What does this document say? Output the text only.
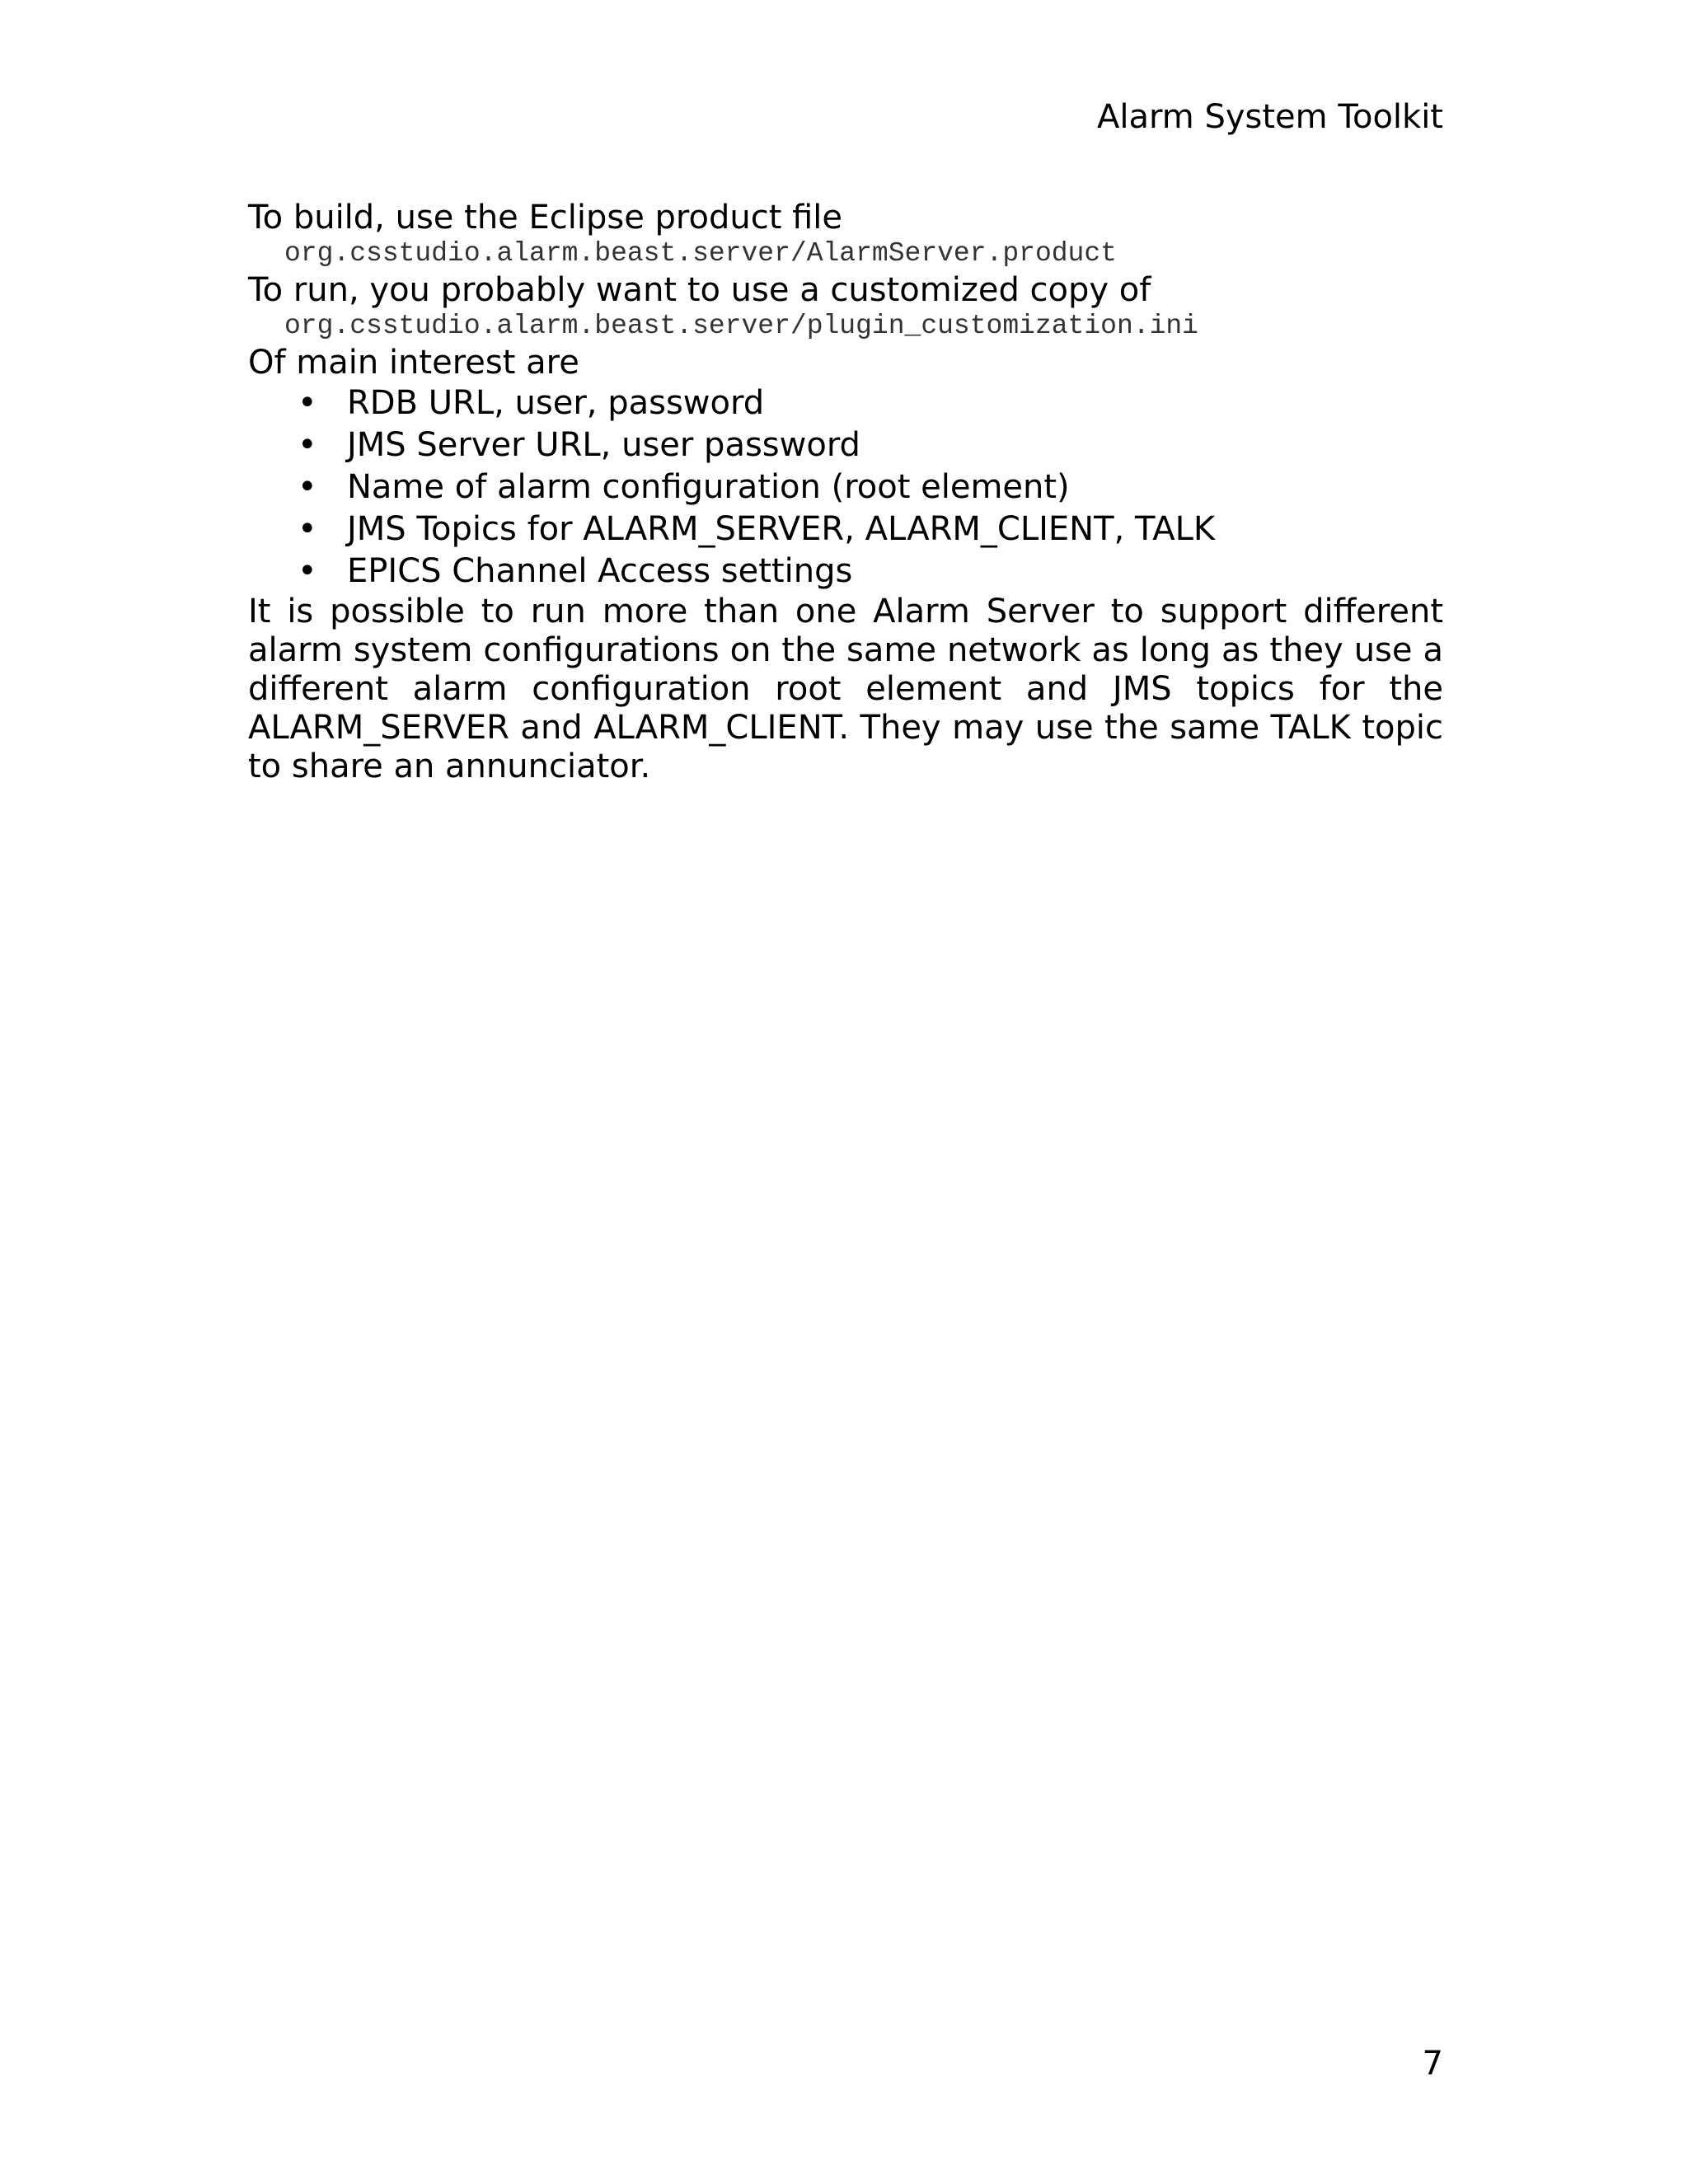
Alarm System Toolkit

To build, use the Eclipse product file

org.csstudio.alarm.beast.server/AlarmServer.product

To run, you probably want to use a customized copy of

org.csstudio.alarm.beast.server/plugin_customization.ini

Of main interest are

• RDB URL, user, password
• JMS Server URL, user password
• Name of alarm configuration (root element)
• JMS Topics for ALARM_SERVER, ALARM_CLIENT, TALK
• EPICS Channel Access settings

It is possible to run more than one Alarm Server to support different alarm system configurations on the same network as long as they use a different alarm configuration root element and JMS topics for the ALARM_SERVER and ALARM_CLIENT. They may use the same TALK topic to share an annunciator.

7
